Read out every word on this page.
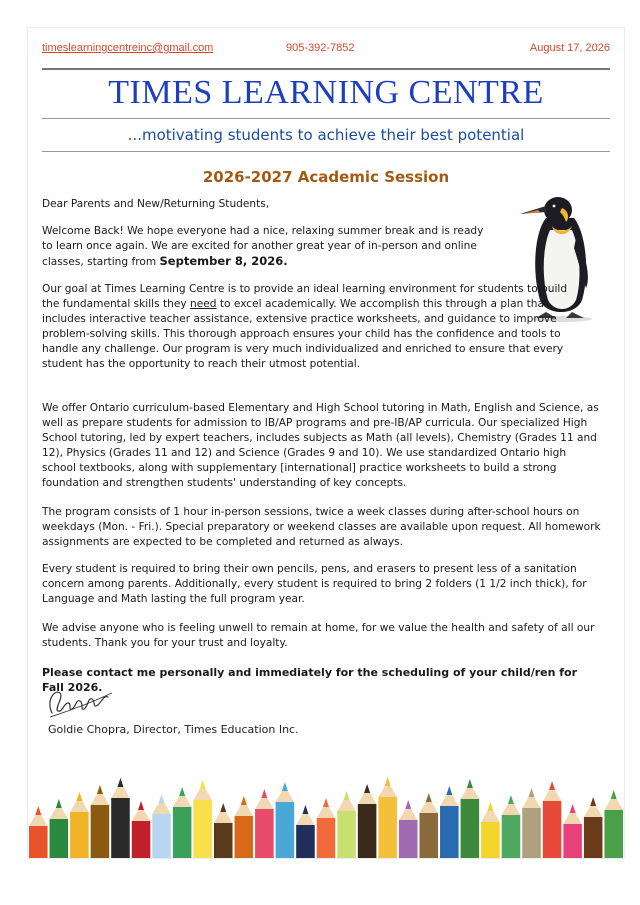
timeslearningcentreinc@gmail.com	905-392-7852	August 17, 2026
TIMES LEARNING CENTRE
...motivating students to achieve their best potential
2026-2027 Academic Session

Dear Parents and New/Returning Students,

Welcome Back! We hope everyone had a nice, relaxing summer break and is ready to learn once again. We are excited for another great year of in-person and online classes, starting from September 8, 2026.

Our goal at Times Learning Centre is to provide an ideal learning environment for students to build the fundamental skills they need to excel academically. We accomplish this through a plan that includes interactive teacher assistance, extensive practice worksheets, and guidance to improve problem-solving skills. This thorough approach ensures your child has the confidence and tools to handle any challenge. Our program is very much individualized and enriched to ensure that every student has the opportunity to reach their utmost potential.

We offer Ontario curriculum-based Elementary and High School tutoring in Math, English and Science, as well as prepare students for admission to IB/AP programs and pre-IB/AP curricula. Our specialized High School tutoring, led by expert teachers, includes subjects as Math (all levels), Chemistry (Grades 11 and 12), Physics (Grades 11 and 12) and Science (Grades 9 and 10). We use standardized Ontario high school textbooks, along with supplementary [international] practice worksheets to build a strong foundation and strengthen students' understanding of key concepts.

The program consists of 1 hour in-person sessions, twice a week classes during after-school hours on weekdays (Mon. - Fri.). Special preparatory or weekend classes are available upon request. All homework assignments are expected to be completed and returned as always.

Every student is required to bring their own pencils, pens, and erasers to present less of a sanitation concern among parents. Additionally, every student is required to bring 2 folders (1 1/2 inch thick), for Language and Math lasting the full program year.

We advise anyone who is feeling unwell to remain at home, for we value the health and safety of all our students. Thank you for your trust and loyalty.

Please contact me personally and immediately for the scheduling of your child/ren for Fall 2026.

Goldie Chopra, Director, Times Education Inc.
